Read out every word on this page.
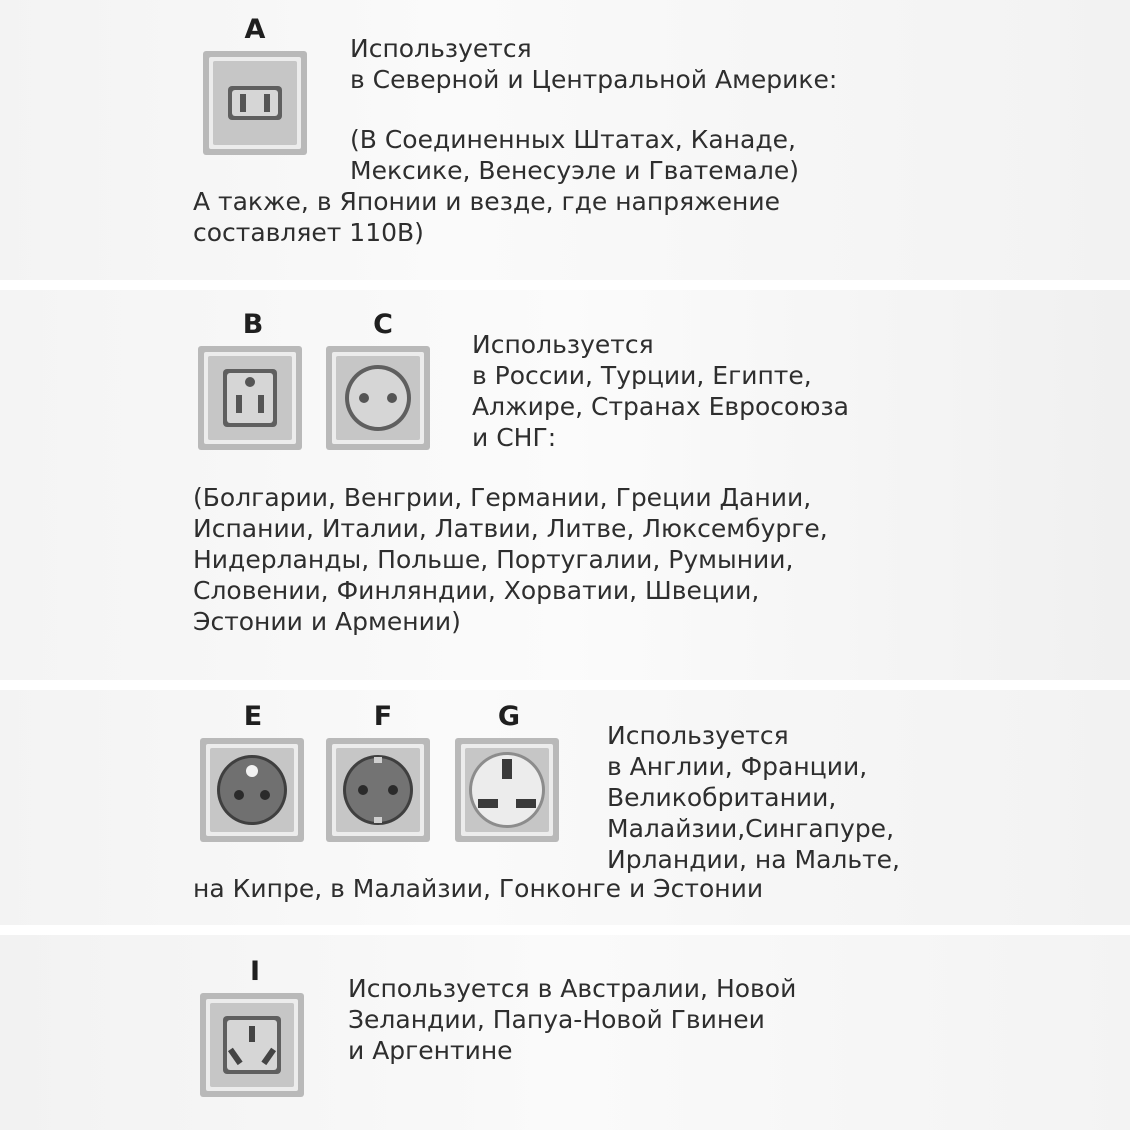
A
Используется
в Северной и Центральной Америке:
(В Соединенных Штатах, Канаде,
Мексике, Венесуэле и Гватемале)
А также, в Японии и везде, где напряжение
составляет 110В)
B	C
Используется
в России, Турции, Египте,
Алжире, Странах Евросоюза
и СНГ:
(Болгарии, Венгрии, Германии, Греции Дании,
Испании, Италии, Латвии, Литве, Люксембурге,
Нидерланды, Польше, Португалии, Румынии,
Словении, Финляндии, Хорватии, Швеции,
Эстонии и Армении)
E	F	G
Используется
в Англии, Франции,
Великобритании,
Малайзии,Сингапуре,
Ирландии, на Мальте,
на Кипре, в Малайзии, Гонконге и Эстонии
I
Используется в Австралии, Новой
Зеландии, Папуа-Новой Гвинеи
и Аргентине
